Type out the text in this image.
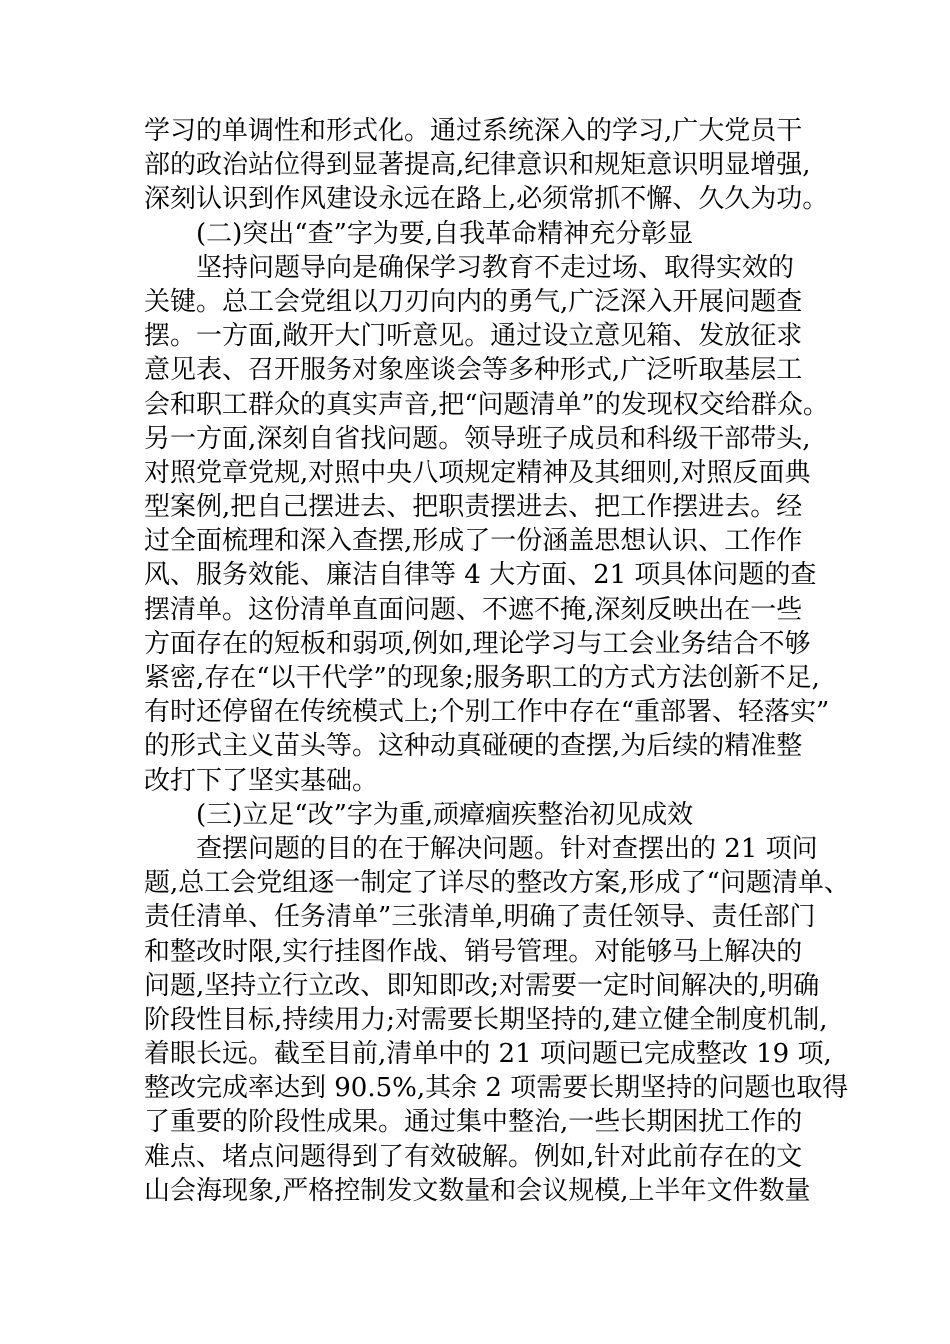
学习的单调性和形式化。通过系统深入的学习,广大党员干
部的政治站位得到显著提高,纪律意识和规矩意识明显增强,
深刻认识到作风建设永远在路上,必须常抓不懈、久久为功。
(二)突出“查”字为要,自我革命精神充分彰显
坚持问题导向是确保学习教育不走过场、取得实效的
关键。总工会党组以刀刃向内的勇气,广泛深入开展问题查
摆。一方面,敞开大门听意见。通过设立意见箱、发放征求
意见表、召开服务对象座谈会等多种形式,广泛听取基层工
会和职工群众的真实声音,把“问题清单”的发现权交给群众。
另一方面,深刻自省找问题。领导班子成员和科级干部带头,
对照党章党规,对照中央八项规定精神及其细则,对照反面典
型案例,把自己摆进去、把职责摆进去、把工作摆进去。经
过全面梳理和深入查摆,形成了一份涵盖思想认识、工作作
风、服务效能、廉洁自律等 4 大方面、21 项具体问题的查
摆清单。这份清单直面问题、不遮不掩,深刻反映出在一些
方面存在的短板和弱项,例如,理论学习与工会业务结合不够
紧密,存在“以干代学”的现象;服务职工的方式方法创新不足,
有时还停留在传统模式上;个别工作中存在“重部署、轻落实”
的形式主义苗头等。这种动真碰硬的查摆,为后续的精准整
改打下了坚实基础。
(三)立足“改”字为重,顽瘴痼疾整治初见成效
查摆问题的目的在于解决问题。针对查摆出的 21 项问
题,总工会党组逐一制定了详尽的整改方案,形成了“问题清单、
责任清单、任务清单”三张清单,明确了责任领导、责任部门
和整改时限,实行挂图作战、销号管理。对能够马上解决的
问题,坚持立行立改、即知即改;对需要一定时间解决的,明确
阶段性目标,持续用力;对需要长期坚持的,建立健全制度机制,
着眼长远。截至目前,清单中的 21 项问题已完成整改 19 项,
整改完成率达到 90.5%,其余 2 项需要长期坚持的问题也取得
了重要的阶段性成果。通过集中整治,一些长期困扰工作的
难点、堵点问题得到了有效破解。例如,针对此前存在的文
山会海现象,严格控制发文数量和会议规模,上半年文件数量
